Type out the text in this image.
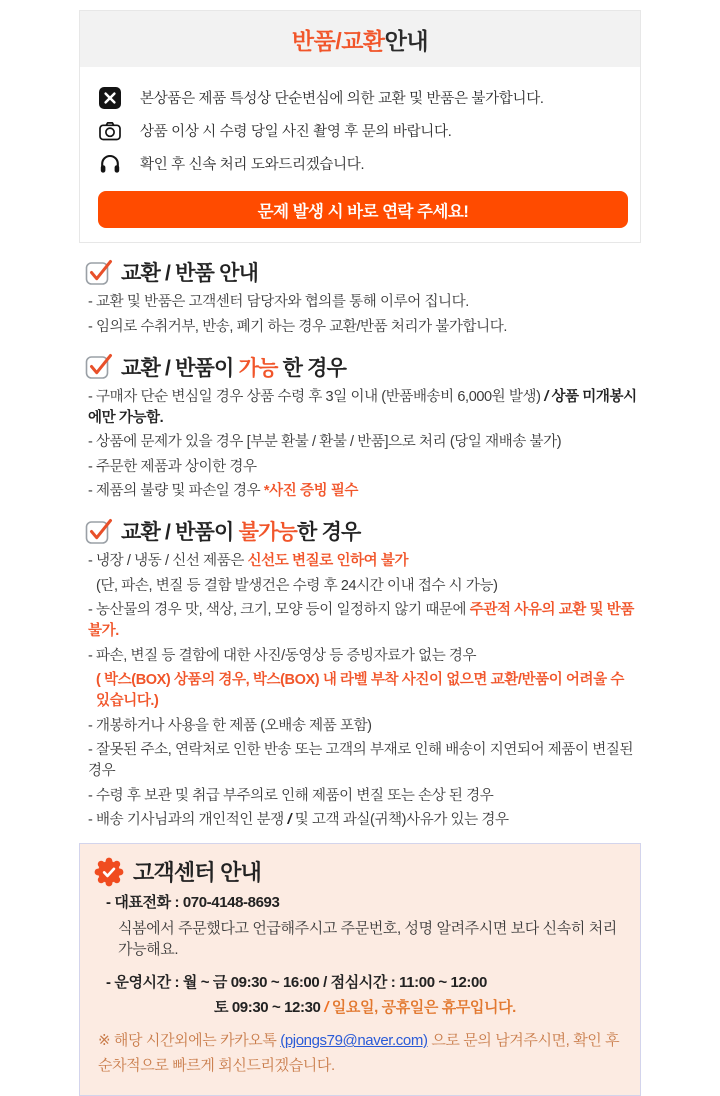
반품/교환 안내
본상품은 제품 특성상 단순변심에 의한 교환 및 반품은 불가합니다.
상품 이상 시 수령 당일 사진 촬영 후 문의 바랍니다.
확인 후 신속 처리 도와드리겠습니다.
문제 발생 시 바로 연락 주세요!
교환 / 반품 안내
- 교환 및 반품은 고객센터 담당자와 협의를 통해 이루어 집니다.
- 임의로 수취거부, 반송, 폐기 하는 경우 교환/반품 처리가 불가합니다.
교환 / 반품이 가능 한 경우
- 구매자 단순 변심일 경우 상품 수령 후 3일 이내 (반품배송비 6,000원 발생) / 상품 미개봉시에만 가능함.
- 상품에 문제가 있을 경우 [부분 환불 / 환불 / 반품]으로 처리 (당일 재배송 불가)
- 주문한 제품과 상이한 경우
- 제품의 불량 및 파손일 경우 *사진 증빙 필수
교환 / 반품이 불가능한 경우
- 냉장 / 냉동 / 신선 제품은 신선도 변질로 인하여 불가
(단, 파손, 변질 등 결함 발생건은 수령 후 24시간 이내 접수 시 가능)
- 농산물의 경우 맛, 색상, 크기, 모양 등이 일정하지 않기 때문에 주관적 사유의 교환 및 반품 불가.
- 파손, 변질 등 결함에 대한 사진/동영상 등 증빙자료가 없는 경우
( 박스(BOX) 상품의 경우, 박스(BOX) 내 라벨 부착 사진이 없으면 교환/반품이 어려울 수 있습니다.)
- 개봉하거나 사용을 한 제품 (오배송 제품 포함)
- 잘못된 주소, 연락처로 인한 반송 또는 고객의 부재로 인해 배송이 지연되어 제품이 변질된 경우
- 수령 후 보관 및 취급 부주의로 인해 제품이 변질 또는 손상 된 경우
- 배송 기사님과의 개인적인 분쟁 / 및 고객 과실(귀책)사유가 있는 경우
고객센터 안내
- 대표전화 : 070-4148-8693
식봄에서 주문했다고 언급해주시고 주문번호, 성명 알려주시면 보다 신속히 처리 가능해요.
- 운영시간 : 월 ~ 금 09:30 ~ 16:00 / 점심시간 : 11:00 ~ 12:00
토 09:30 ~ 12:30 / 일요일, 공휴일은 휴무입니다.
※ 해당 시간외에는 카카오톡 (pjongs79@naver.com) 으로 문의 남겨주시면, 확인 후
순차적으로 빠르게 회신드리겠습니다.
